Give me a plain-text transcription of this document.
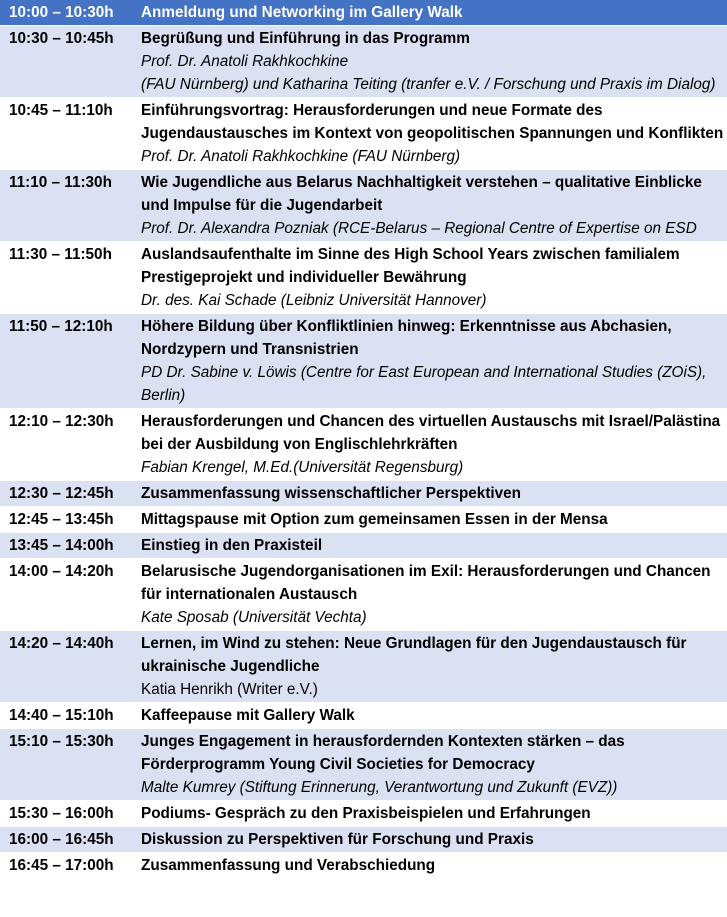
10:00 – 10:30h	Anmeldung und Networking im Gallery Walk

10:30 – 10:45h	Begrüßung und Einführung in das Programm
Prof. Dr. Anatoli Rakhkochkine
(FAU Nürnberg) und Katharina Teiting (tranfer e.V. / Forschung und Praxis im Dialog)

10:45 – 11:10h	Einführungsvortrag: Herausforderungen und neue Formate des Jugendaustausches im Kontext von geopolitischen Spannungen und Konflikten
Prof. Dr. Anatoli Rakhkochkine (FAU Nürnberg)

11:10 – 11:30h	Wie Jugendliche aus Belarus Nachhaltigkeit verstehen – qualitative Einblicke und Impulse für die Jugendarbeit
Prof. Dr. Alexandra Pozniak (RCE-Belarus – Regional Centre of Expertise on ESD

11:30 – 11:50h	Auslandsaufenthalte im Sinne des High School Years zwischen familialem Prestigeprojekt und individueller Bewährung
Dr. des. Kai Schade (Leibniz Universität Hannover)

11:50 – 12:10h	Höhere Bildung über Konfliktlinien hinweg: Erkenntnisse aus Abchasien, Nordzypern und Transnistrien
PD Dr. Sabine v. Löwis (Centre for East European and International Studies (ZOiS), Berlin)

12:10 – 12:30h	Herausforderungen und Chancen des virtuellen Austauschs mit Israel/Palästina bei der Ausbildung von Englischlehrkräften
Fabian Krengel, M.Ed.(Universität Regensburg)

12:30 – 12:45h	Zusammenfassung wissenschaftlicher Perspektiven

12:45 – 13:45h	Mittagspause mit Option zum gemeinsamen Essen in der Mensa

13:45 – 14:00h	Einstieg in den Praxisteil

14:00 – 14:20h	Belarusische Jugendorganisationen im Exil: Herausforderungen und Chancen für internationalen Austausch
Kate Sposab (Universität Vechta)

14:20 – 14:40h	Lernen, im Wind zu stehen: Neue Grundlagen für den Jugendaustausch für ukrainische Jugendliche
Katia Henrikh (Writer e.V.)

14:40 – 15:10h	Kaffeepause mit Gallery Walk

15:10 – 15:30h	Junges Engagement in herausfordernden Kontexten stärken – das Förderprogramm Young Civil Societies for Democracy
Malte Kumrey (Stiftung Erinnerung, Verantwortung und Zukunft (EVZ))

15:30 – 16:00h	Podiums- Gespräch zu den Praxisbeispielen und Erfahrungen

16:00 – 16:45h	Diskussion zu Perspektiven für Forschung und Praxis

16:45 – 17:00h	Zusammenfassung und Verabschiedung
